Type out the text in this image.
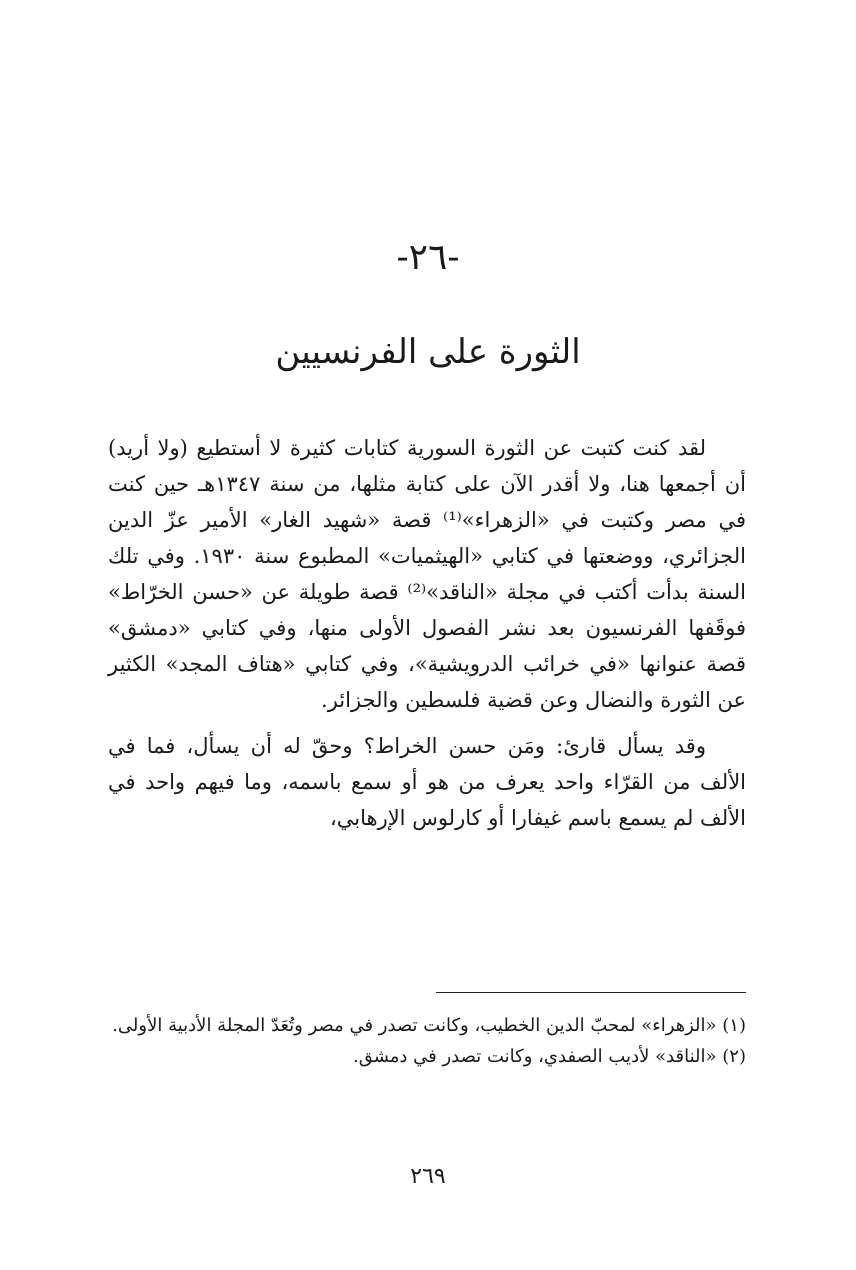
-٢٦-
الثورة على الفرنسيين

لقد كنت كتبت عن الثورة السورية كتابات كثيرة لا أستطيع (ولا أريد) أن أجمعها هنا، ولا أقدر الآن على كتابة مثلها، من سنة ١٣٤٧هـ حين كنت في مصر وكتبت في «الزهراء»⁽¹⁾ قصة «شهيد الغار» الأمير عزّ الدين الجزائري، ووضعتها في كتابي «الهيثميات» المطبوع سنة ١٩٣٠. وفي تلك السنة بدأت أكتب في مجلة «الناقد»⁽²⁾ قصة طويلة عن «حسن الخرّاط» فوقَفها الفرنسيون بعد نشر الفصول الأولى منها، وفي كتابي «دمشق» قصة عنوانها «في خرائب الدرويشية»، وفي كتابي «هتاف المجد» الكثير عن الثورة والنضال وعن قضية فلسطين والجزائر.

وقد يسأل قارئ: ومَن حسن الخراط؟ وحقّ له أن يسأل، فما في الألف من القرّاء واحد يعرف من هو أو سمع باسمه، وما فيهم واحد في الألف لم يسمع باسم غيفارا أو كارلوس الإرهابي،

(١) «الزهراء» لمحبّ الدين الخطيب، وكانت تصدر في مصر وتُعَدّ المجلة الأدبية الأولى.

(٢) «الناقد» لأديب الصفدي، وكانت تصدر في دمشق.

٢٦٩
